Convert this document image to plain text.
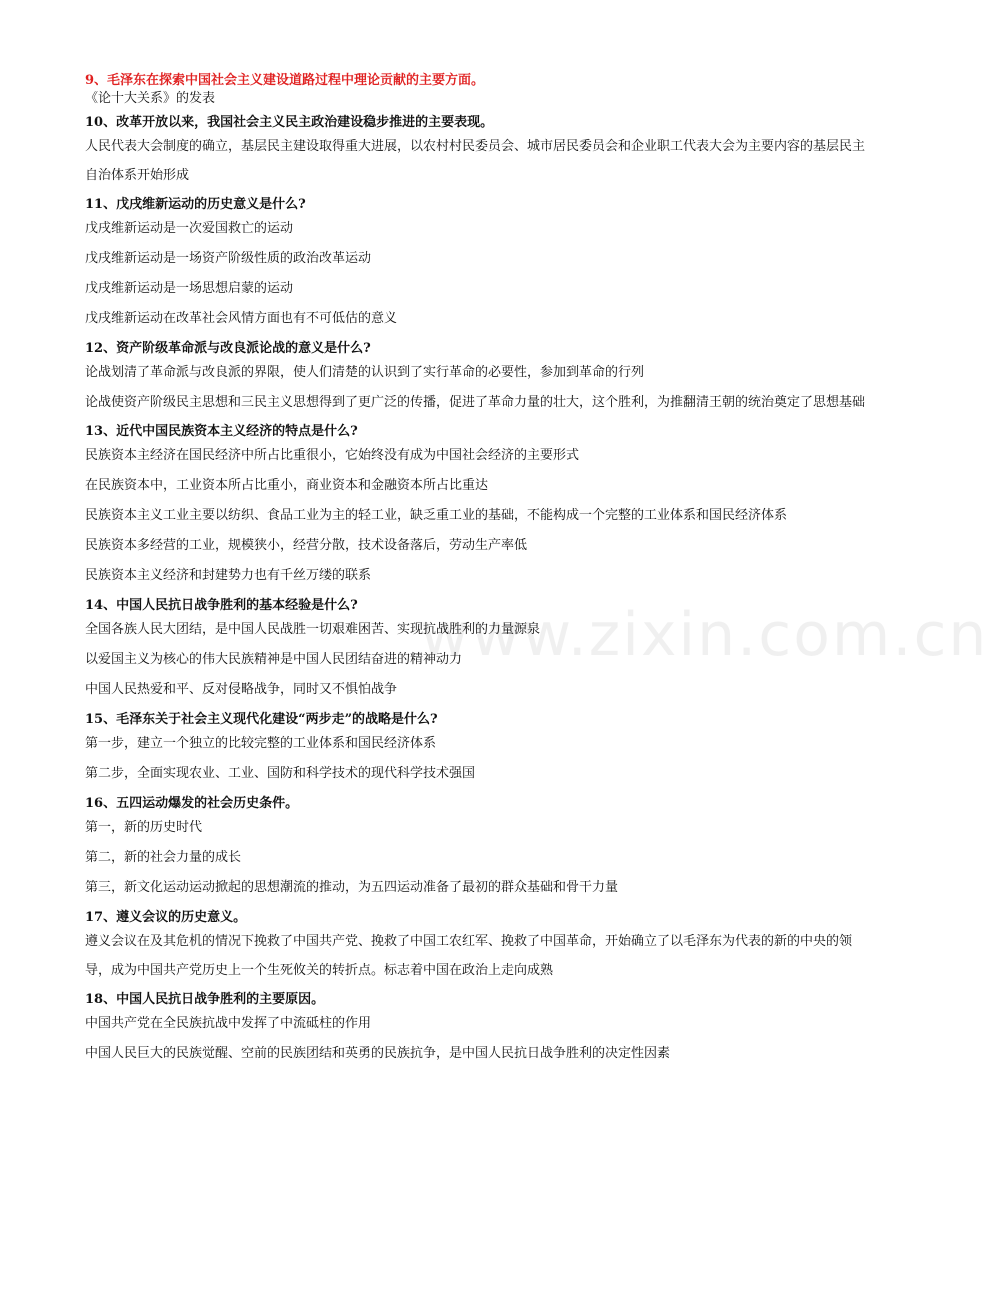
www.zixin.com.cn

9、毛泽东在探索中国社会主义建设道路过程中理论贡献的主要方面。

《论十大关系》的发表

10、改革开放以来，我国社会主义民主政治建设稳步推进的主要表现。

人民代表大会制度的确立，基层民主建设取得重大进展，以农村村民委员会、城市居民委员会和企业职工代表大会为主要内容的基层民主自治体系开始形成

11、戊戌维新运动的历史意义是什么?

戊戌维新运动是一次爱国救亡的运动

戊戌维新运动是一场资产阶级性质的政治改革运动

戊戌维新运动是一场思想启蒙的运动

戊戌维新运动在改革社会风情方面也有不可低估的意义

12、资产阶级革命派与改良派论战的意义是什么?

论战划清了革命派与改良派的界限，使人们清楚的认识到了实行革命的必要性，参加到革命的行列

论战使资产阶级民主思想和三民主义思想得到了更广泛的传播，促进了革命力量的壮大，这个胜利，为推翻清王朝的统治奠定了思想基础

13、近代中国民族资本主义经济的特点是什么?

民族资本主经济在国民经济中所占比重很小，它始终没有成为中国社会经济的主要形式

在民族资本中，工业资本所占比重小，商业资本和金融资本所占比重达

民族资本主义工业主要以纺织、食品工业为主的轻工业，缺乏重工业的基础，不能构成一个完整的工业体系和国民经济体系

民族资本多经营的工业，规模狭小，经营分散，技术设备落后，劳动生产率低

民族资本主义经济和封建势力也有千丝万缕的联系

14、中国人民抗日战争胜利的基本经验是什么?

全国各族人民大团结，是中国人民战胜一切艰难困苦、实现抗战胜利的力量源泉

以爱国主义为核心的伟大民族精神是中国人民团结奋进的精神动力

中国人民热爱和平、反对侵略战争，同时又不惧怕战争

15、毛泽东关于社会主义现代化建设“两步走”的战略是什么?

第一步，建立一个独立的比较完整的工业体系和国民经济体系

第二步，全面实现农业、工业、国防和科学技术的现代科学技术强国

16、五四运动爆发的社会历史条件。

第一，新的历史时代

第二，新的社会力量的成长

第三，新文化运动运动掀起的思想潮流的推动，为五四运动准备了最初的群众基础和骨干力量

17、遵义会议的历史意义。

遵义会议在及其危机的情况下挽救了中国共产党、挽救了中国工农红军、挽救了中国革命，开始确立了以毛泽东为代表的新的中央的领导，成为中国共产党历史上一个生死攸关的转折点。标志着中国在政治上走向成熟

18、中国人民抗日战争胜利的主要原因。

中国共产党在全民族抗战中发挥了中流砥柱的作用

中国人民巨大的民族觉醒、空前的民族团结和英勇的民族抗争，是中国人民抗日战争胜利的决定性因素
